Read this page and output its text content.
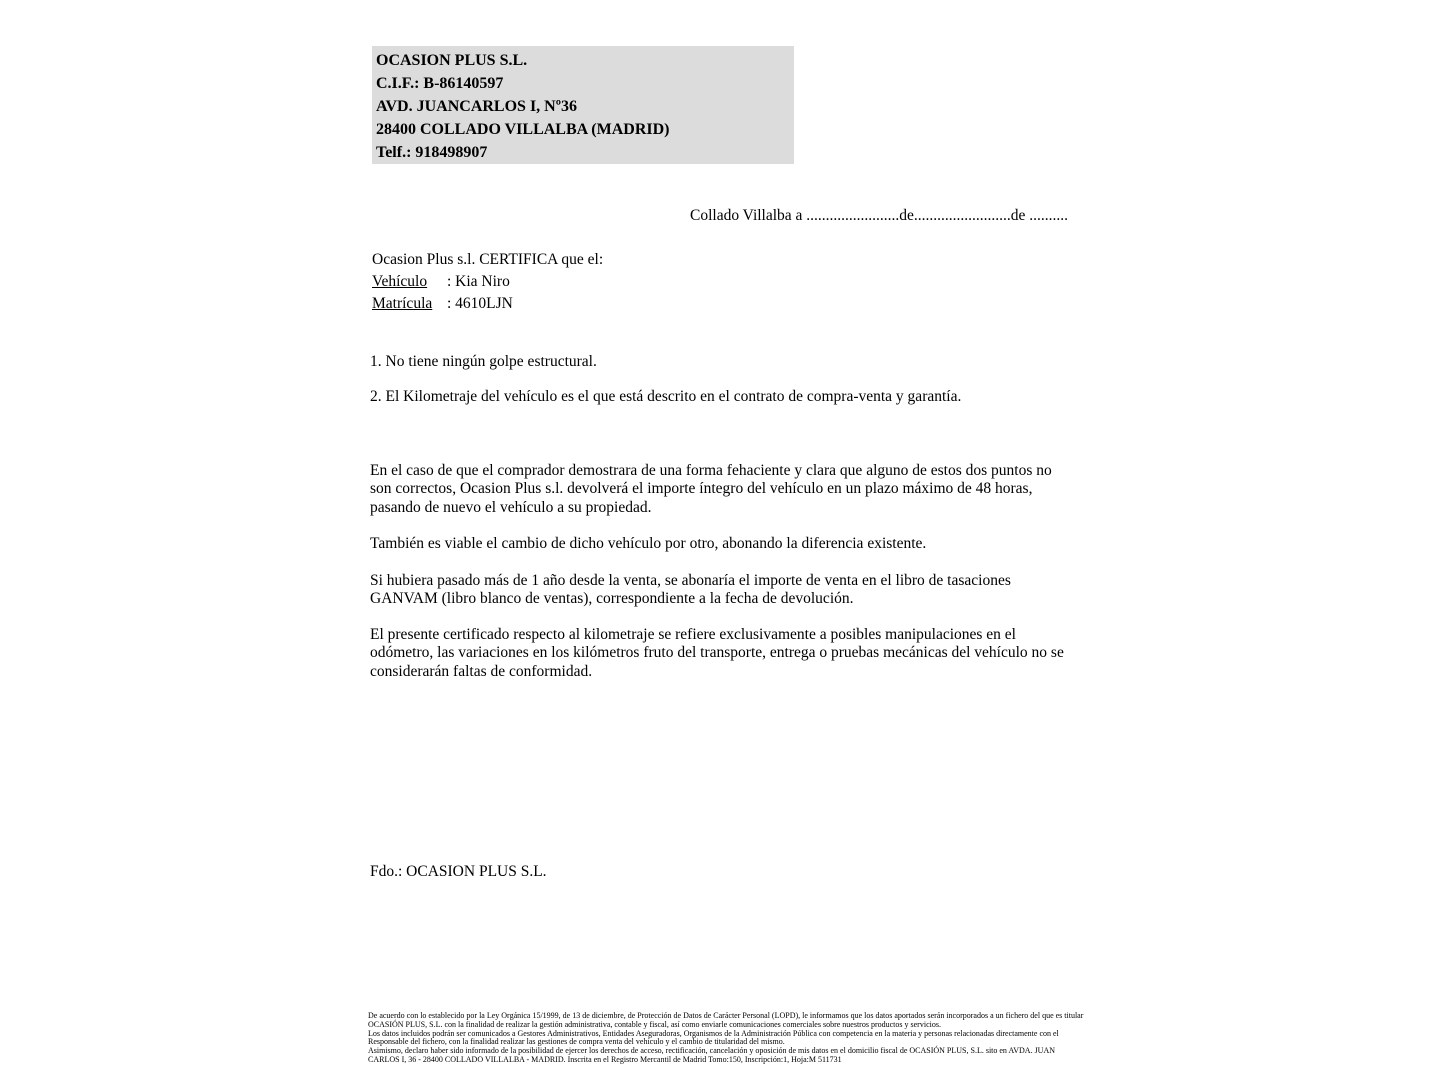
OCASION PLUS S.L.
C.I.F.: B-86140597
AVD. JUANCARLOS I, Nº36
28400 COLLADO VILLALBA (MADRID)
Telf.: 918498907
Collado Villalba a ........................de.........................de ..........
Ocasion Plus s.l. CERTIFICA que el:
Vehículo	: Kia Niro
Matrícula : 4610LJN
1. No tiene ningún golpe estructural.
2. El Kilometraje del vehículo es el que está descrito en el contrato de compra-venta y garantía.
En el caso de que el comprador demostrara de una forma fehaciente y clara que alguno de estos dos puntos no son correctos, Ocasion Plus s.l. devolverá el importe íntegro del vehículo en un plazo máximo de 48 horas, pasando de nuevo el vehículo a su propiedad.
También es viable el cambio de dicho vehículo por otro, abonando la diferencia existente.
Si hubiera pasado más de 1 año desde la venta, se abonaría el importe de venta en el libro de tasaciones GANVAM (libro blanco de ventas), correspondiente a la fecha de devolución.
El presente certificado respecto al kilometraje se refiere exclusivamente a posibles manipulaciones en el odómetro, las variaciones en los kilómetros fruto del transporte, entrega o pruebas mecánicas del vehículo no se considerarán faltas de conformidad.
Fdo.: OCASION PLUS S.L.

De acuerdo con lo establecido por la Ley Orgánica 15/1999, de 13 de diciembre, de Protección de Datos de Carácter Personal (LOPD), le informamos que los datos aportados serán incorporados a un fichero del que es titular OCASIÓN PLUS, S.L. con la finalidad de realizar la gestión administrativa, contable y fiscal, así como enviarle comunicaciones comerciales sobre nuestros productos y servicios.

Los datos incluidos podrán ser comunicados a Gestores Administrativos, Entidades Aseguradoras, Organismos de la Administración Pública con competencia en la materia y personas relacionadas directamente con el Responsable del fichero, con la finalidad realizar las gestiones de compra venta del vehículo y el cambio de titularidad del mismo.

Asimismo, declaro haber sido informado de la posibilidad de ejercer los derechos de acceso, rectificación, cancelación y oposición de mis datos en el domicilio fiscal de OCASIÓN PLUS, S.L. sito en AVDA. JUAN CARLOS I, 36 - 28400 COLLADO VILLALBA - MADRID. Inscrita en el Registro Mercantil de Madrid Tomo:150, Inscripción:1, Hoja:M 511731
